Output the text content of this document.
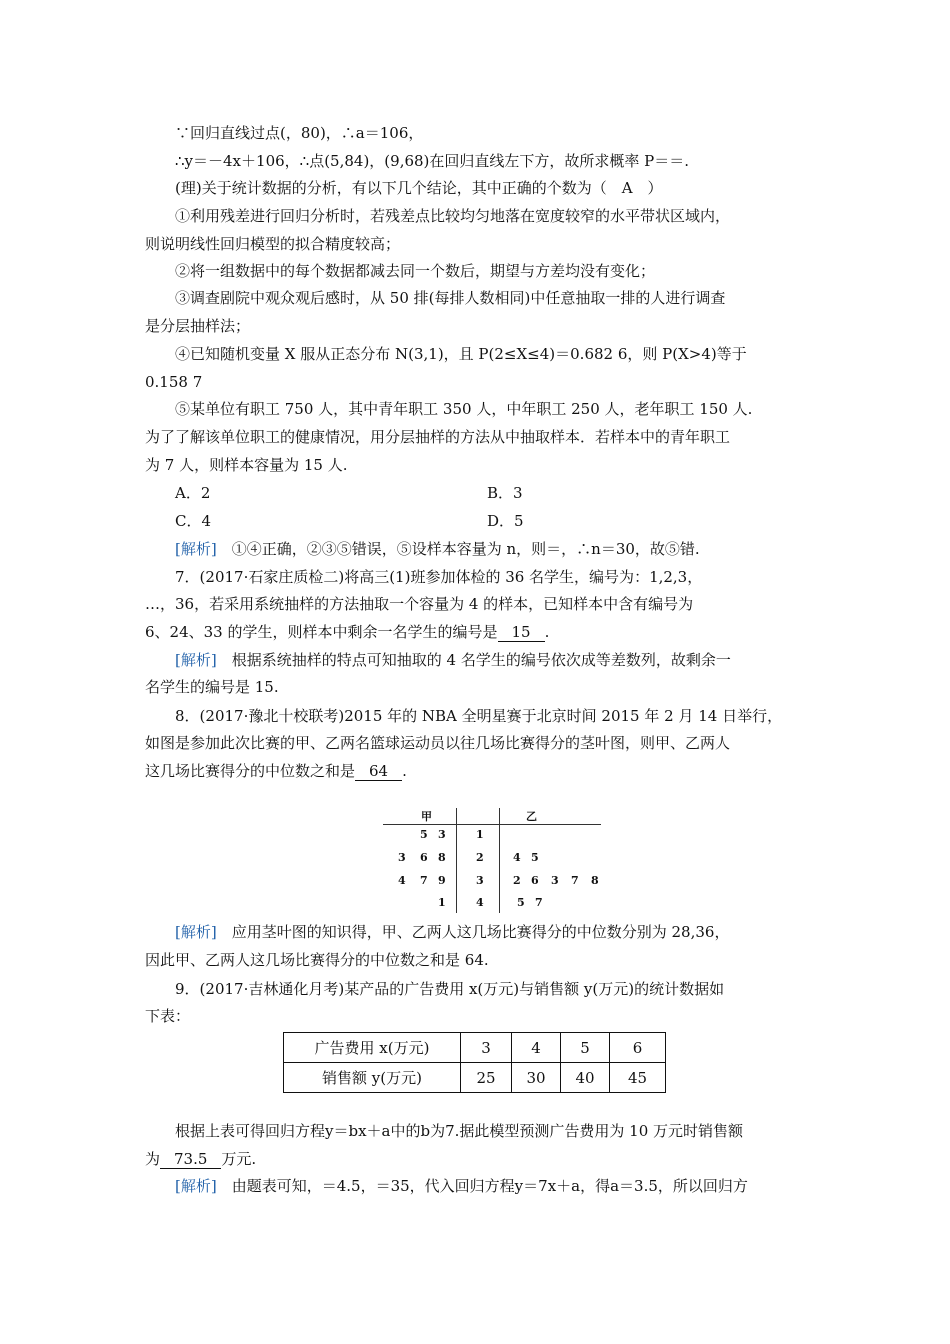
∵回归直线过点(，80)，∴a＝106，
∴y＝－4x＋106，∴点(5,84)，(9,68)在回归直线左下方，故所求概率 P＝＝.
(理)关于统计数据的分析，有以下几个结论，其中正确的个数为（　A　）
①利用残差进行回归分析时，若残差点比较均匀地落在宽度较窄的水平带状区域内，
则说明线性回归模型的拟合精度较高；
②将一组数据中的每个数据都减去同一个数后，期望与方差均没有变化；
③调查剧院中观众观后感时，从 50 排(每排人数相同)中任意抽取一排的人进行调查
是分层抽样法；
④已知随机变量 X 服从正态分布 N(3,1)，且 P(2≤X≤4)＝0.682 6，则 P(X>4)等于
0.158 7
⑤某单位有职工 750 人，其中青年职工 350 人，中年职工 250 人，老年职工 150 人.
为了了解该单位职工的健康情况，用分层抽样的方法从中抽取样本．若样本中的青年职工
为 7 人，则样本容量为 15 人.
A．2	B．3
C．4	D．5
[解析]　 ①④正确，②③⑤错误，⑤设样本容量为 n，则＝，∴n＝30，故⑤错.
7．(2017·石家庄质检二)将高三(1)班参加体检的 36 名学生，编号为：1,2,3，
…，36，若采用系统抽样的方法抽取一个容量为 4 的样本，已知样本中含有编号为
6、24、33 的学生，则样本中剩余一名学生的编号是 15 .
[解析]　 根据系统抽样的特点可知抽取的 4 名学生的编号依次成等差数列，故剩余一
名学生的编号是 15.
8．(2017·豫北十校联考)2015 年的 NBA 全明星赛于北京时间 2015 年 2 月 14 日举行，
如图是参加此次比赛的甲、乙两名篮球运动员以往几场比赛得分的茎叶图，则甲、乙两人
这几场比赛得分的中位数之和是 64 .
甲	乙
5 3	1
3 6 8	2	4 5
4 7 9	3	2 6 3 7 8
1	4	5 7
[解析]　 应用茎叶图的知识得，甲、乙两人这几场比赛得分的中位数分别为 28,36，
因此甲、乙两人这几场比赛得分的中位数之和是 64.
9．(2017·吉林通化月考)某产品的广告费用 x(万元)与销售额 y(万元)的统计数据如
下表：
广告费用 x(万元)	3	4	5	6
销售额 y(万元)	25	30	40	45
根据上表可得回归方程y＝bx＋a中的b为7.据此模型预测广告费用为 10 万元时销售额
为 73.5 万元.
[解析]　 由题表可知，＝4.5，＝35，代入回归方程y＝7x＋a，得a＝3.5，所以回归方
